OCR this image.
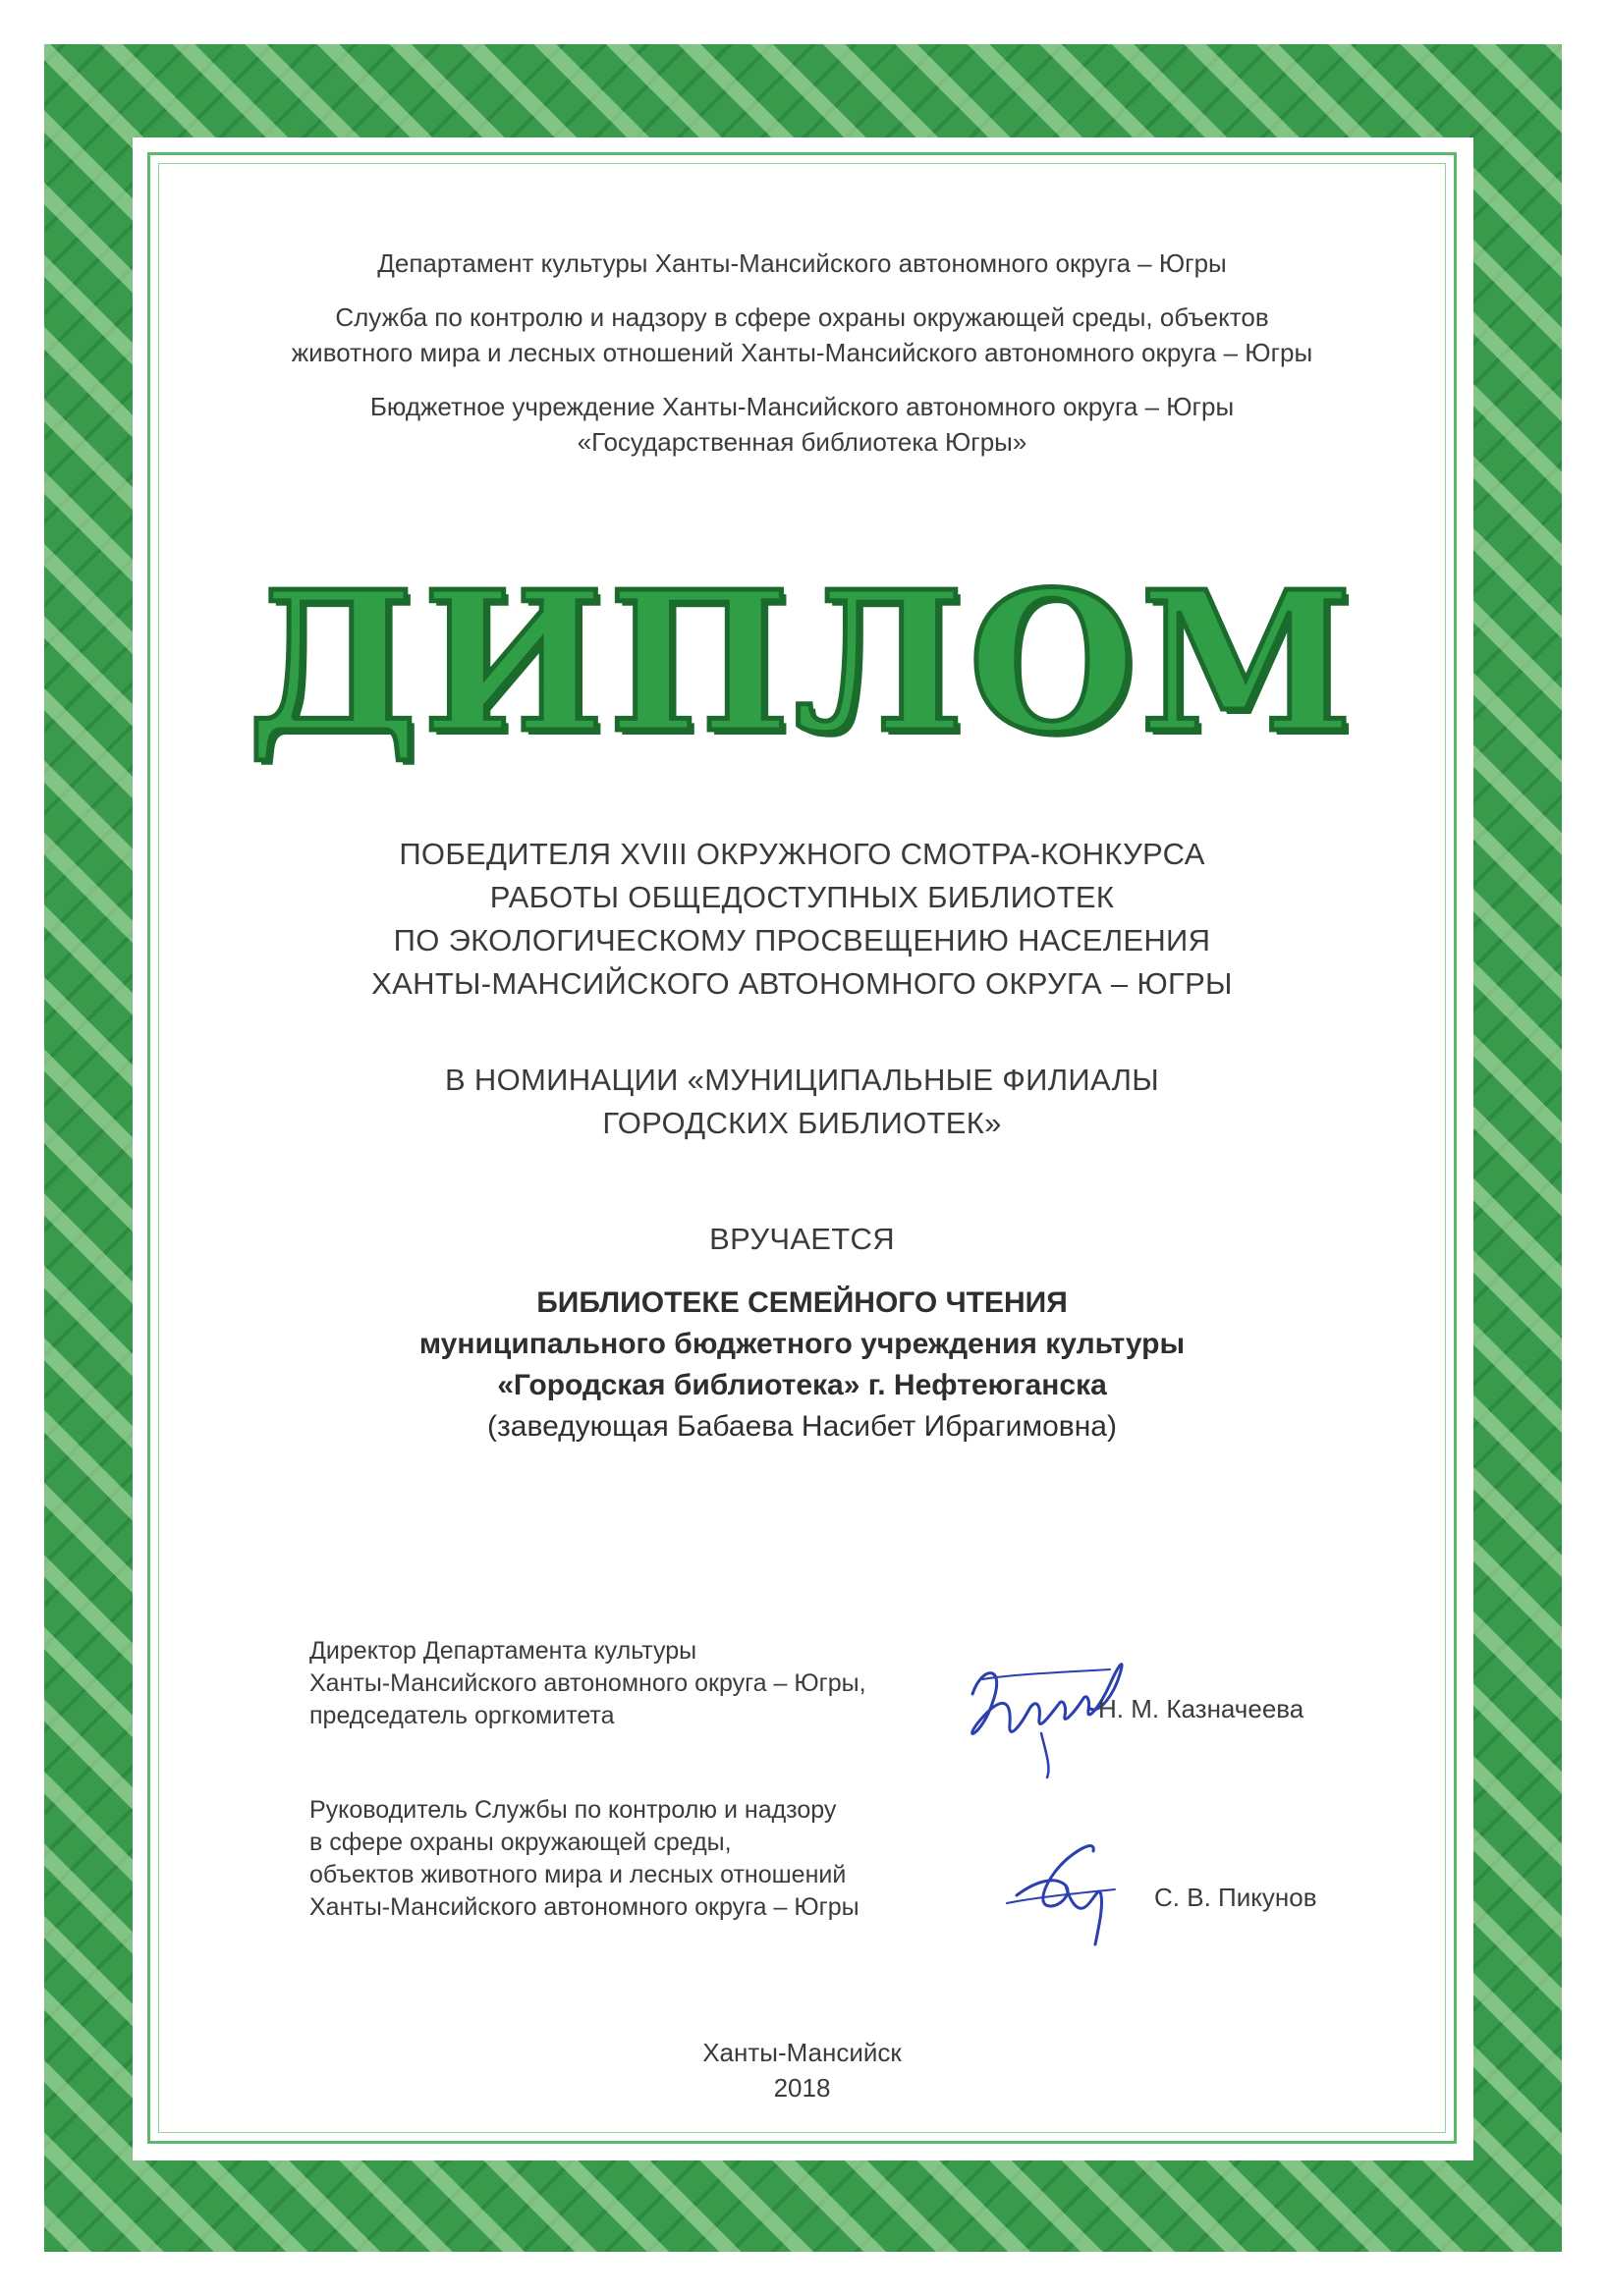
Департамент культуры Ханты-Мансийского автономного округа – Югры
Служба по контролю и надзору в сфере охраны окружающей среды, объектов
животного мира и лесных отношений Ханты-Мансийского автономного округа – Югры
Бюджетное учреждение Ханты-Мансийского автономного округа – Югры
«Государственная библиотека Югры»
ДИПЛОМ
ПОБЕДИТЕЛЯ XVIII ОКРУЖНОГО СМОТРА-КОНКУРСА
РАБОТЫ ОБЩЕДОСТУПНЫХ БИБЛИОТЕК
ПО ЭКОЛОГИЧЕСКОМУ ПРОСВЕЩЕНИЮ НАСЕЛЕНИЯ
ХАНТЫ-МАНСИЙСКОГО АВТОНОМНОГО ОКРУГА – ЮГРЫ
В НОМИНАЦИИ «МУНИЦИПАЛЬНЫЕ ФИЛИАЛЫ
ГОРОДСКИХ БИБЛИОТЕК»
ВРУЧАЕТСЯ
БИБЛИОТЕКЕ СЕМЕЙНОГО ЧТЕНИЯ
муниципального бюджетного учреждения культуры
«Городская библиотека» г. Нефтеюганска
(заведующая Бабаева Насибет Ибрагимовна)
Директор Департамента культуры
Ханты-Мансийского автономного округа – Югры,
председатель оргкомитета	Н. М. Казначеева
Руководитель Службы по контролю и надзору
в сфере охраны окружающей среды,
объектов животного мира и лесных отношений
Ханты-Мансийского автономного округа – Югры	С. В. Пикунов
Ханты-Мансийск
2018
